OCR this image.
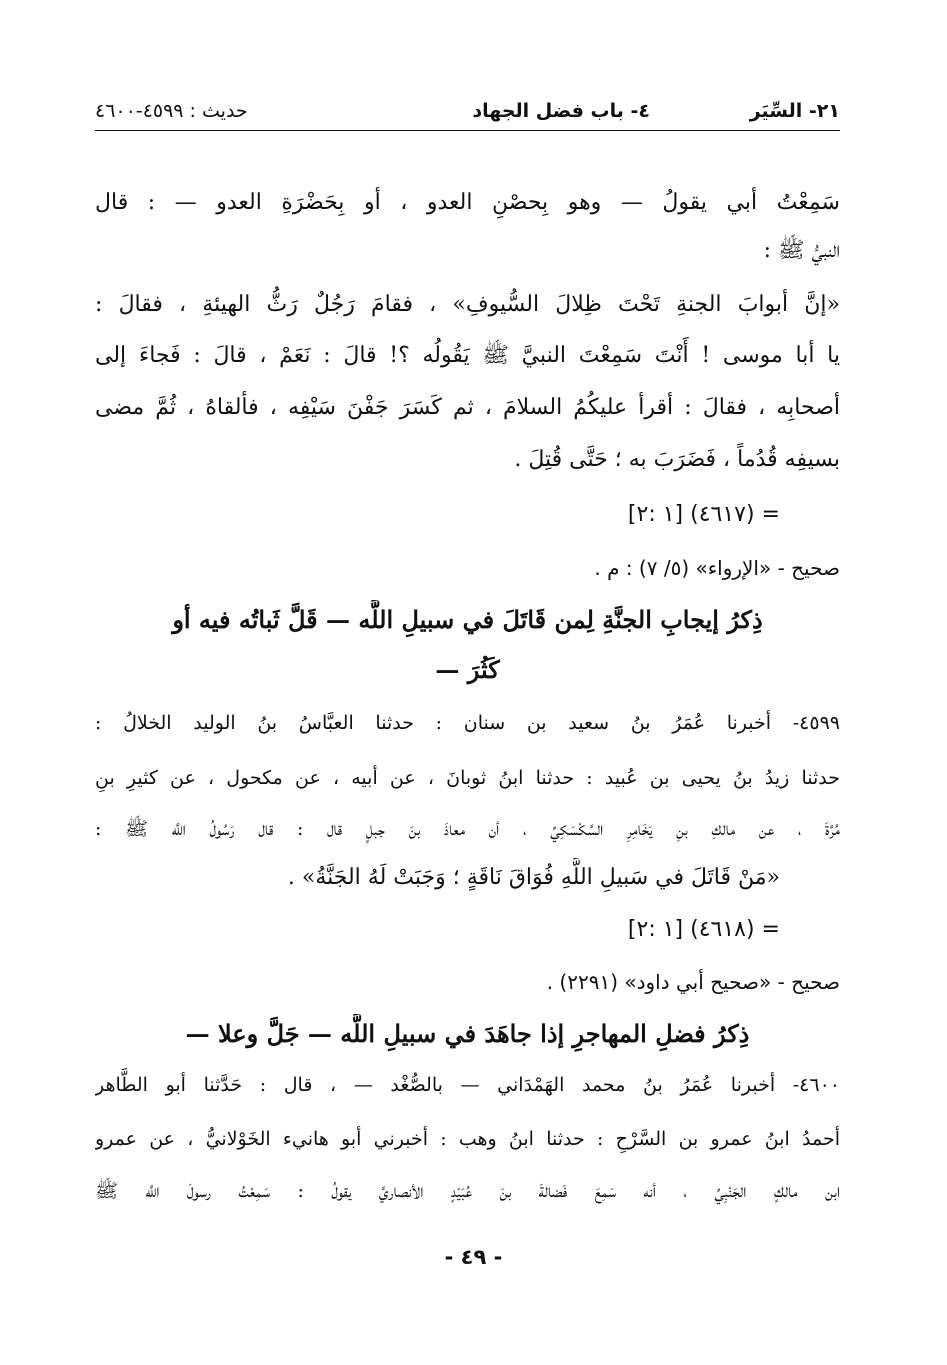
٢١- السِّيَر
٤- باب فضل الجهاد
حديث : ٤٥٩٩-٤٦٠٠
سَمِعْتُ أبي يقولُ — وهو بِحصْنِ العدو ، أو بِحَضْرَةِ العدو — : قال
النبيُّ ﷺ :
«إنَّ أبوابَ الجنةِ تَحْتَ ظِلالَ السُّيوفِ» ، فقامَ رَجُلٌ رَثُّ الهيئةِ ، فقالَ :
يا أبا موسى ! أَنْتَ سَمِعْتَ النبيَّ ﷺ يَقُولُه ؟! قالَ : نَعَمْ ، قالَ : فَجاءَ إلى
أصحابِه ، فقالَ : أقرأ عليكُمُ السلامَ ، ثم كَسَرَ جَفْنَ سَيْفِه ، فألقاهُ ، ثُمَّ مضى
بسيفِه قُدُماً ، فَضَرَبَ به ؛ حَتَّى قُتِلَ .
= (٤٦١٧) [١ :٢]
صحيح - «الإرواء» (٥/ ٧) : م .
ذِكرُ إيجابِ الجنَّةِ لِمن قَاتَلَ في سبيلِ اللَّه — قَلَّ ثَباتُه فيه أو
كَثُرَ —
٤٥٩٩- أخبرنا عُمَرُ بنُ سعيد بن سنان : حدثنا العبَّاسُ بنُ الوليد الخلالُ :
حدثنا زيدُ بنُ يحيى بن عُبيد : حدثنا ابنُ ثوبانَ ، عن أبيه ، عن مكحول ، عن كثيرِ بنِ
مُرَّةَ ، عن مالكِ بنِ يَخَامِرِ السَّكْسَكِيِّ ، أن معاذَ بنَ جبلٍ قال : قال رَسُولُ اللَّه ﷺ :
«مَنْ قَاتَلَ في سَبيلِ اللَّهِ فُوَاقَ نَاقَةٍ ؛ وَجَبَتْ لَهُ الجَنَّةُ» .
= (٤٦١٨) [١ :٢]
صحيح - «صحيح أبي داود» (٢٢٩١) .
ذِكرُ فضلِ المهاجرِ إذا جاهَدَ في سبيلِ اللَّه — جَلَّ وعلا —
٤٦٠٠- أخبرنا عُمَرُ بنُ محمد الهَمْدَاني — بالصُّغْد — ، قال : حَدَّثنا أبو الطَّاهر
أحمدُ ابنُ عمرو بن السَّرْحِ : حدثنا ابنُ وهب : أخبرني أبو هانيء الخَوْلانيُّ ، عن عمرو
ابن مالكٍ الجَنْبِيِّ ، أنه سَمِعَ فَضالةَ بنَ عُبَيْدٍ الأنصاريَّ يقولُ : سَمِعْتُ رسولَ اللَّه ﷺ
- ٤٩ -
